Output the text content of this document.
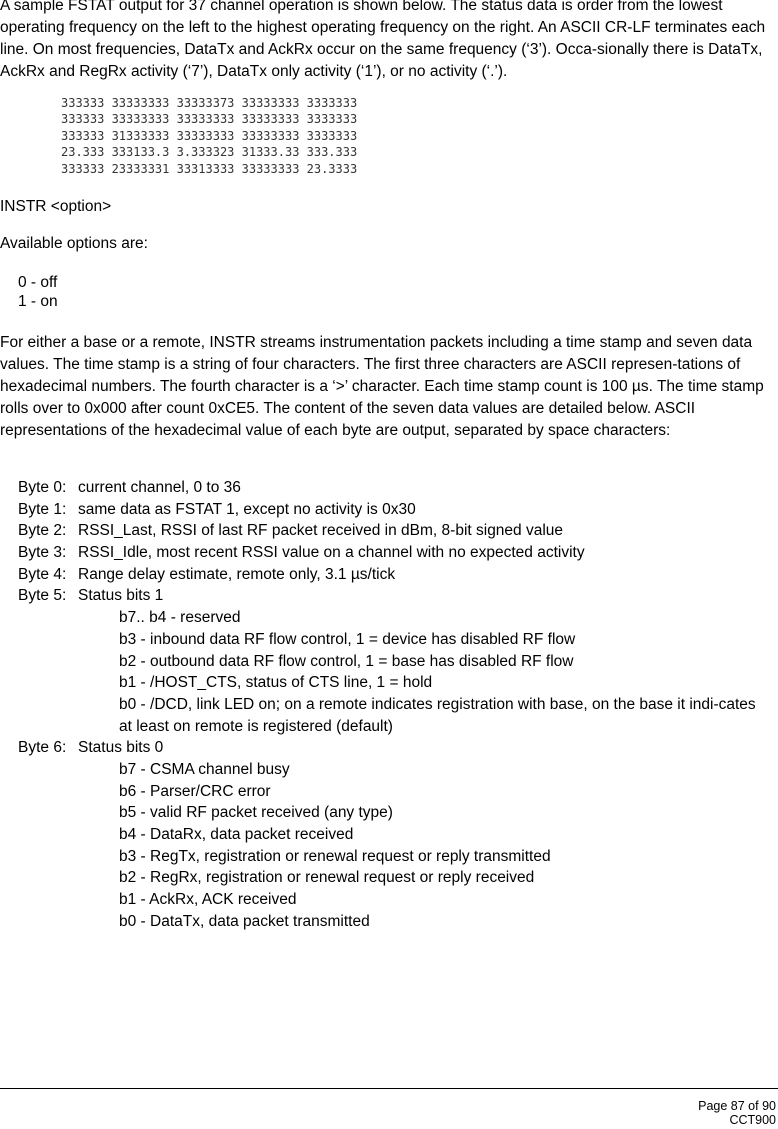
A sample FSTAT output for 37 channel operation is shown below. The status data is order from the lowest operating frequency on the left to the highest operating frequency on the right. An ASCII CR-LF terminates each line. On most frequencies, DataTx and AckRx occur on the same frequency (‘3’). Occa-sionally there is DataTx, AckRx and RegRx activity (‘7’), DataTx only activity (‘1’), or no activity (‘.’).

333333 33333333 33333373 33333333 3333333
333333 33333333 33333333 33333333 3333333
333333 31333333 33333333 33333333 3333333
23.333 333133.3 3.333323 31333.33 333.333
333333 23333331 33313333 33333333 23.3333

INSTR <option>

Available options are:

0 - off
1 - on

For either a base or a remote, INSTR streams instrumentation packets including a time stamp and seven data values. The time stamp is a string of four characters. The first three characters are ASCII represen-tations of hexadecimal numbers. The fourth character is a ‘>’ character. Each time stamp count is 100 µs. The time stamp rolls over to 0x000 after count 0xCE5. The content of the seven data values are detailed below. ASCII representations of the hexadecimal value of each byte are output, separated by space characters:

Byte 0: current channel, 0 to 36
Byte 1: same data as FSTAT 1, except no activity is 0x30
Byte 2: RSSI_Last, RSSI of last RF packet received in dBm, 8-bit signed value
Byte 3: RSSI_Idle, most recent RSSI value on a channel with no expected activity
Byte 4: Range delay estimate, remote only, 3.1 µs/tick
Byte 5: Status bits 1
b7.. b4 - reserved
b3 - inbound data RF flow control, 1 = device has disabled RF flow
b2 - outbound data RF flow control, 1 = base has disabled RF flow
b1 - /HOST_CTS, status of CTS line, 1 = hold
b0 - /DCD, link LED on; on a remote indicates registration with base, on the base it indi-cates at least on remote is registered (default)
Byte 6: Status bits 0
b7 - CSMA channel busy
b6 - Parser/CRC error
b5 - valid RF packet received (any type)
b4 - DataRx, data packet received
b3 - RegTx, registration or renewal request or reply transmitted
b2 - RegRx, registration or renewal request or reply received
b1 - AckRx, ACK received
b0 - DataTx, data packet transmitted
Page 87 of 90
CCT900
